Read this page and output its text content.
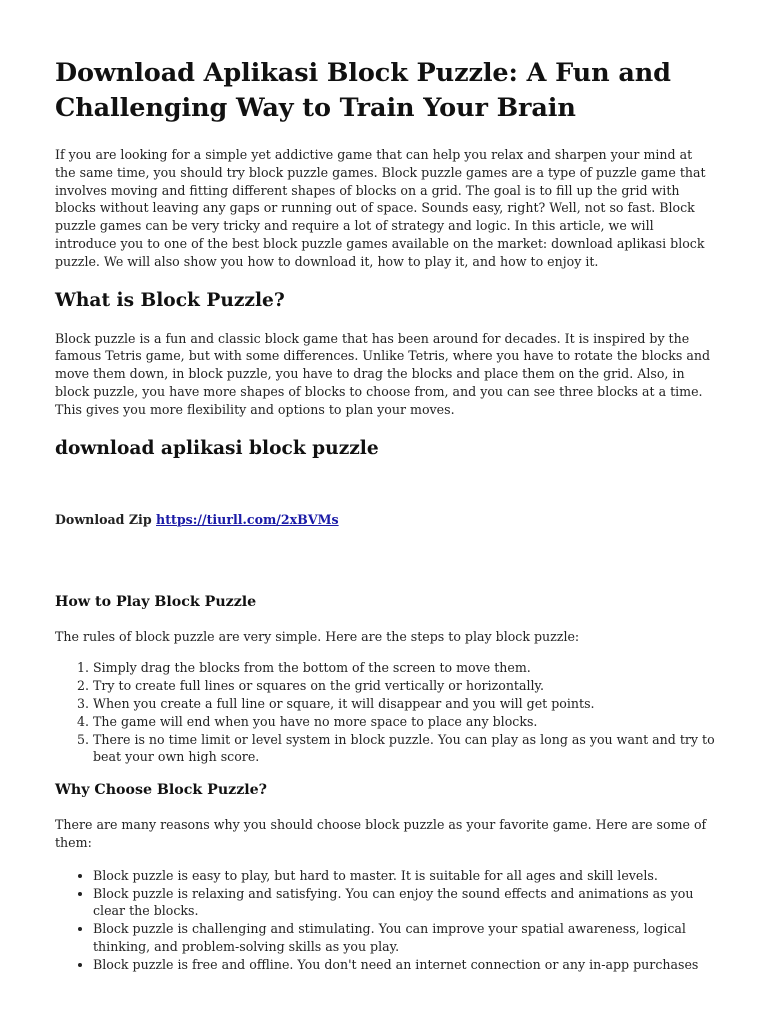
Download Aplikasi Block Puzzle: A Fun and Challenging Way to Train Your Brain

If you are looking for a simple yet addictive game that can help you relax and sharpen your mind at the same time, you should try block puzzle games. Block puzzle games are a type of puzzle game that involves moving and fitting different shapes of blocks on a grid. The goal is to fill up the grid with blocks without leaving any gaps or running out of space. Sounds easy, right? Well, not so fast. Block puzzle games can be very tricky and require a lot of strategy and logic. In this article, we will introduce you to one of the best block puzzle games available on the market: download aplikasi block puzzle. We will also show you how to download it, how to play it, and how to enjoy it.

What is Block Puzzle?

Block puzzle is a fun and classic block game that has been around for decades. It is inspired by the famous Tetris game, but with some differences. Unlike Tetris, where you have to rotate the blocks and move them down, in block puzzle, you have to drag the blocks and place them on the grid. Also, in block puzzle, you have more shapes of blocks to choose from, and you can see three blocks at a time. This gives you more flexibility and options to plan your moves.

download aplikasi block puzzle
Download Zip https://tiurll.com/2xBVMs
How to Play Block Puzzle

The rules of block puzzle are very simple. Here are the steps to play block puzzle:

1. Simply drag the blocks from the bottom of the screen to move them.
2. Try to create full lines or squares on the grid vertically or horizontally.
3. When you create a full line or square, it will disappear and you will get points.
4. The game will end when you have no more space to place any blocks.
5. There is no time limit or level system in block puzzle. You can play as long as you want and try to beat your own high score.
Why Choose Block Puzzle?

There are many reasons why you should choose block puzzle as your favorite game. Here are some of them:

• Block puzzle is easy to play, but hard to master. It is suitable for all ages and skill levels.
• Block puzzle is relaxing and satisfying. You can enjoy the sound effects and animations as you clear the blocks.
• Block puzzle is challenging and stimulating. You can improve your spatial awareness, logical thinking, and problem-solving skills as you play.
• Block puzzle is free and offline. You don't need an internet connection or any in-app purchases
